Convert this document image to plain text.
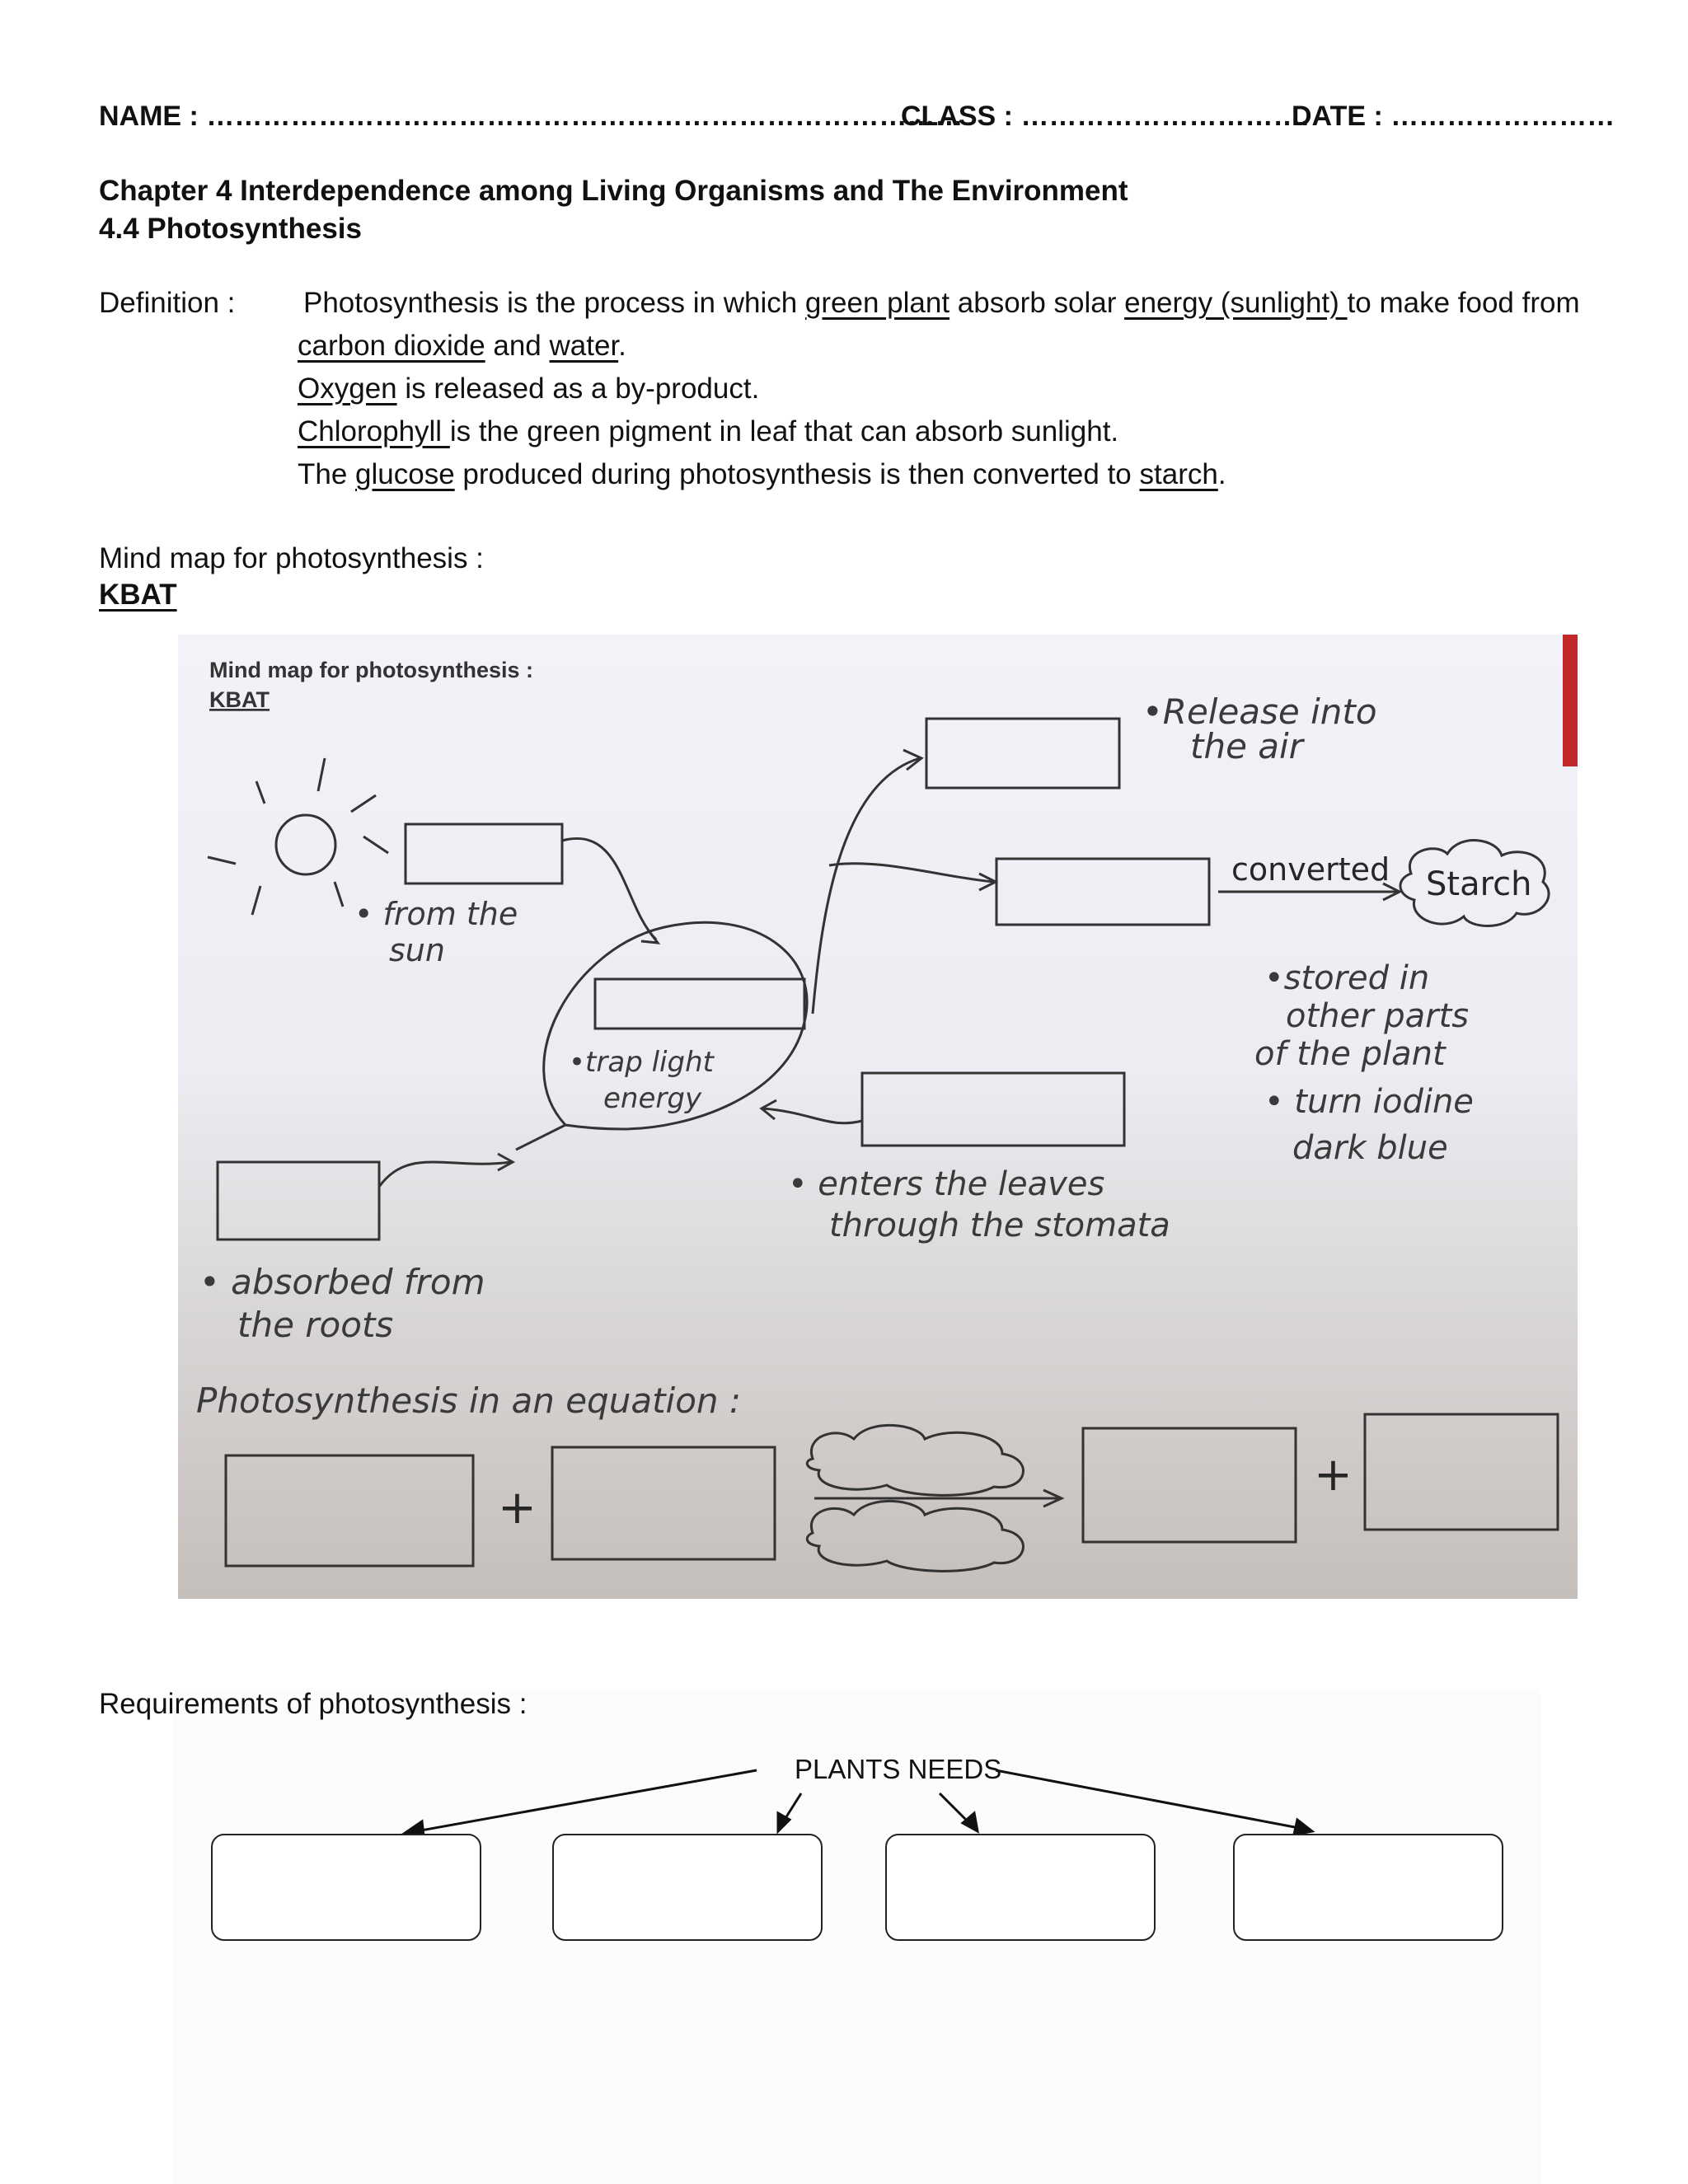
NAME : ………………………………………………………………………
CLASS : ………………………….
DATE : ……………………
Chapter 4 Interdependence among Living Organisms and The Environment
4.4 Photosynthesis
Definition : Photosynthesis is the process in which green plant absorb solar energy (sunlight) to make food from
carbon dioxide and water.
Oxygen is released as a by-product.
Chlorophyll is the green pigment in leaf that can absorb sunlight.
The glucose produced during photosynthesis is then converted to starch.
Mind map for photosynthesis :
KBAT
Mind map for photosynthesis :
KBAT	•Release into
the air
converted Starch
• from the
sun
•trap light
energy
•stored in
other parts
of the plant
• turn iodine
dark blue
• enters the leaves
through the stomata
• absorbed from
the roots
Photosynthesis in an equation :
+
+
Requirements of photosynthesis :
PLANTS NEEDS
